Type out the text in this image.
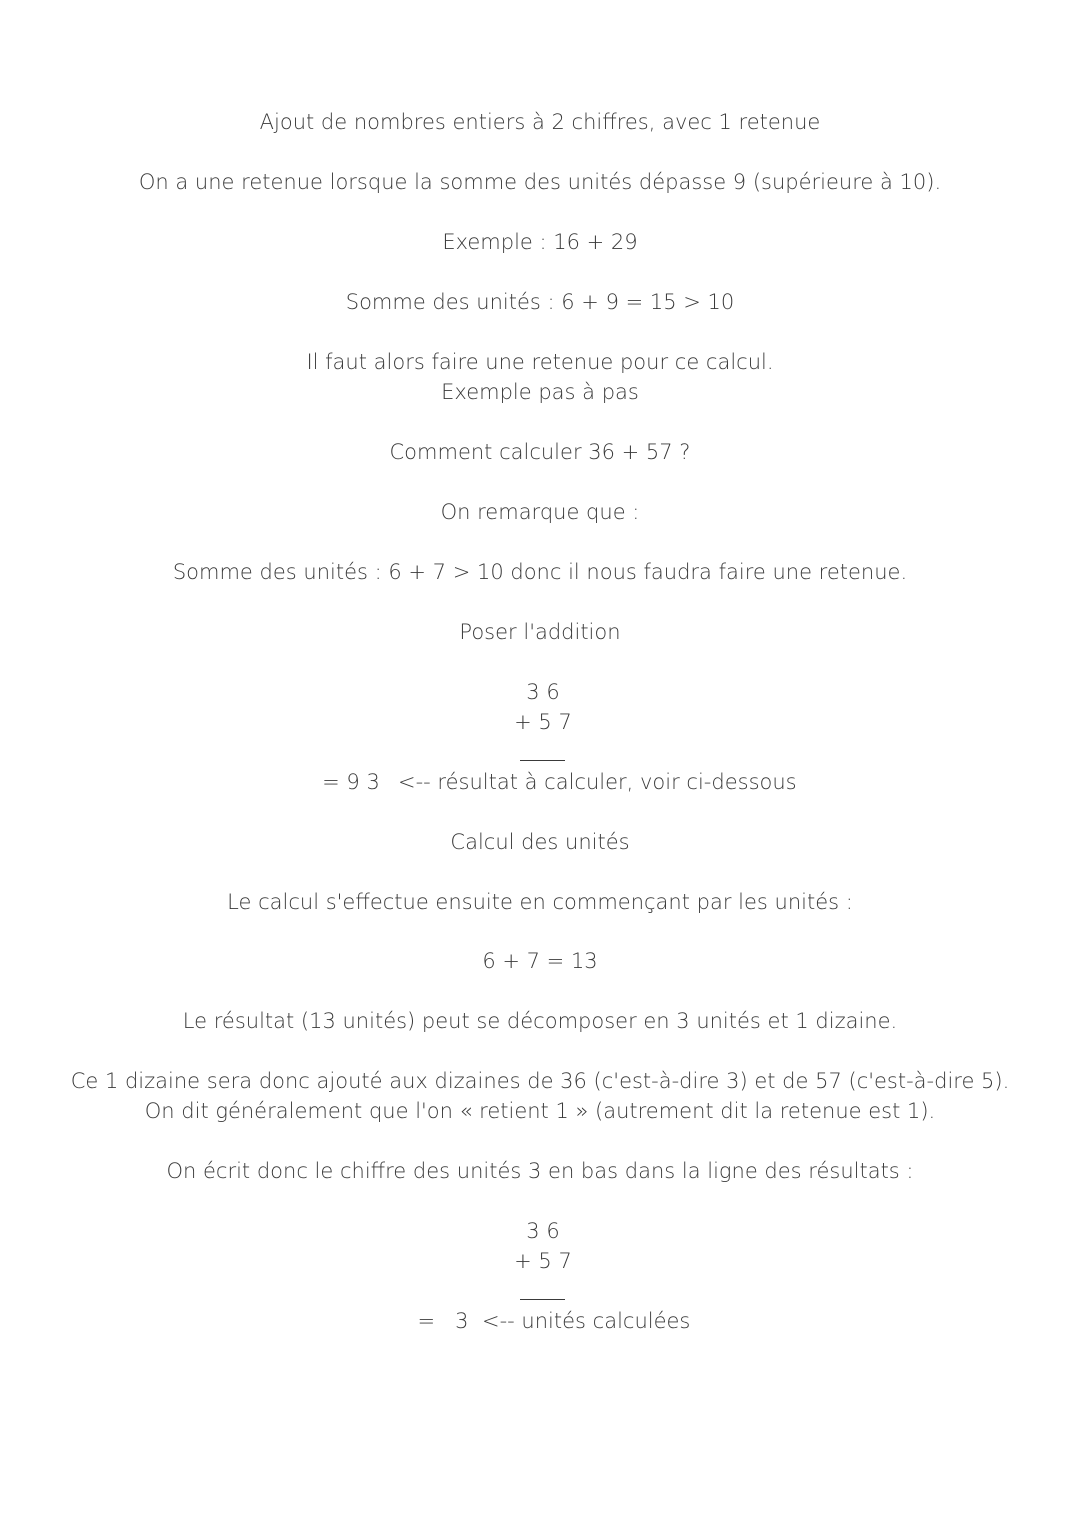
Ajout de nombres entiers à 2 chiffres, avec 1 retenue
On a une retenue lorsque la somme des unités dépasse 9 (supérieure à 10).
Exemple : 16 + 29
Somme des unités : 6 + 9 = 15 > 10
Il faut alors faire une retenue pour ce calcul.
Exemple pas à pas
Comment calculer 36 + 57 ?
On remarque que :
Somme des unités : 6 + 7 > 10 donc il nous faudra faire une retenue.
Poser l'addition
3 6
+ 5 7
= 9 3 <-- résultat à calculer, voir ci-dessous
Calcul des unités
Le calcul s'effectue ensuite en commençant par les unités :
6 + 7 = 13
Le résultat (13 unités) peut se décomposer en 3 unités et 1 dizaine.
Ce 1 dizaine sera donc ajouté aux dizaines de 36 (c'est-à-dire 3) et de 57 (c'est-à-dire 5).
On dit généralement que l'on « retient 1 » (autrement dit la retenue est 1).
On écrit donc le chiffre des unités 3 en bas dans la ligne des résultats :
3 6
+ 5 7
=   3 <-- unités calculées
